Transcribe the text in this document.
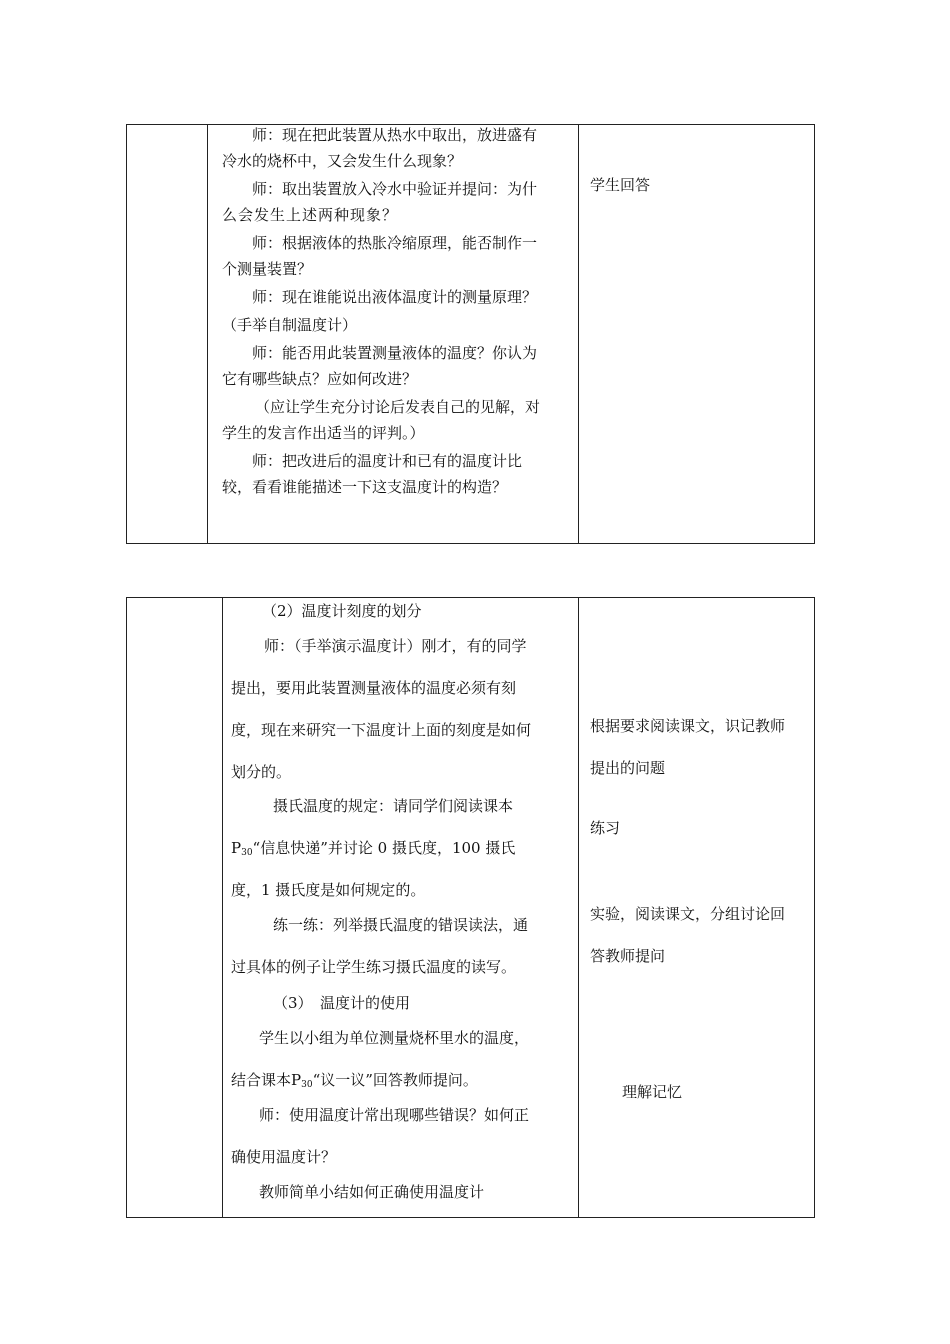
学生回答
师：现在把此装置从热水中取出，放进盛有
冷水的烧杯中，又会发生什么现象？
师：取出装置放入冷水中验证并提问：为什
么会发生上述两种现象？
师：根据液体的热胀冷缩原理，能否制作一
个测量装置？
师：现在谁能说出液体温度计的测量原理？
（手举自制温度计）
师：能否用此装置测量液体的温度？你认为
它有哪些缺点？应如何改进？
（应让学生充分讨论后发表自己的见解，对
学生的发言作出适当的评判。）
师：把改进后的温度计和已有的温度计比
较，看看谁能描述一下这支温度计的构造？
根据要求阅读课文，识记教师
提出的问题
练习
实验，阅读课文，分组讨论回
答教师提问
理解记忆
（2）温度计刻度的划分
师：（手举演示温度计）刚才，有的同学
提出，要用此装置测量液体的温度必须有刻
度，现在来研究一下温度计上面的刻度是如何
划分的。
摄氏温度的规定：请同学们阅读课本
$P_{30}“$信息快递”并讨论 0 摄氏度，100 摄氏
度，1 摄氏度是如何规定的。
练一练：列举摄氏温度的错误读法，通
过具体的例子让学生练习摄氏温度的读写。
（3）　温度计的使用
学生以小组为单位测量烧杯里水的温度，
结合课本$P_{30}“$议一议”回答教师提问。
师：使用温度计常出现哪些错误？如何正
确使用温度计？
教师简单小结如何正确使用温度计
